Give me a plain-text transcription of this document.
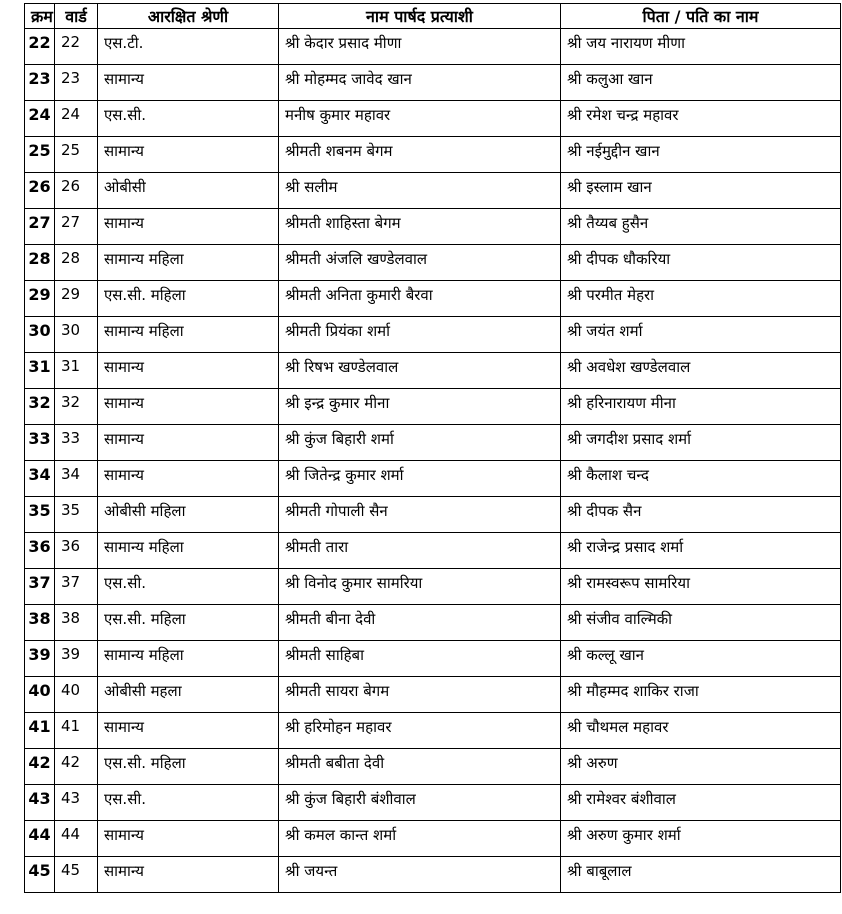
क्रम	वार्ड	आरक्षित श्रेणी	नाम पार्षद प्रत्याशी	पिता / पति का नाम
22	22	एस.टी.	श्री केदार प्रसाद मीणा	श्री जय नारायण मीणा
23	23	सामान्य	श्री मोहम्मद जावेद खान	श्री कलुआ खान
24	24	एस.सी.	मनीष कुमार महावर	श्री रमेश चन्द्र महावर
25	25	सामान्य	श्रीमती शबनम बेगम	श्री नईमुद्दीन खान
26	26	ओबीसी	श्री सलीम	श्री इस्लाम खान
27	27	सामान्य	श्रीमती शाहिस्ता बेगम	श्री तैय्यब हुसैन
28	28	सामान्य महिला	श्रीमती अंजलि खण्डेलवाल	श्री दीपक धौकरिया
29	29	एस.सी. महिला	श्रीमती अनिता कुमारी बैरवा	श्री परमीत मेहरा
30	30	सामान्य महिला	श्रीमती प्रियंका शर्मा	श्री जयंत शर्मा
31	31	सामान्य	श्री रिषभ खण्डेलवाल	श्री अवधेश खण्डेलवाल
32	32	सामान्य	श्री इन्द्र कुमार मीना	श्री हरिनारायण मीना
33	33	सामान्य	श्री कुंज बिहारी शर्मा	श्री जगदीश प्रसाद शर्मा
34	34	सामान्य	श्री जितेन्द्र कुमार शर्मा	श्री कैलाश चन्द
35	35	ओबीसी महिला	श्रीमती गोपाली सैन	श्री दीपक सैन
36	36	सामान्य महिला	श्रीमती तारा	श्री राजेन्द्र प्रसाद शर्मा
37	37	एस.सी.	श्री विनोद कुमार सामरिया	श्री रामस्वरूप सामरिया
38	38	एस.सी. महिला	श्रीमती बीना देवी	श्री संजीव वाल्मिकी
39	39	सामान्य महिला	श्रीमती साहिबा	श्री कल्लू खान
40	40	ओबीसी महला	श्रीमती सायरा बेगम	श्री मौहम्मद शाकिर राजा
41	41	सामान्य	श्री हरिमोहन महावर	श्री चौथमल महावर
42	42	एस.सी. महिला	श्रीमती बबीता देवी	श्री अरुण
43	43	एस.सी.	श्री कुंज बिहारी बंशीवाल	श्री रामेश्वर बंशीवाल
44	44	सामान्य	श्री कमल कान्त शर्मा	श्री अरुण कुमार शर्मा
45	45	सामान्य	श्री जयन्त	श्री बाबूलाल
